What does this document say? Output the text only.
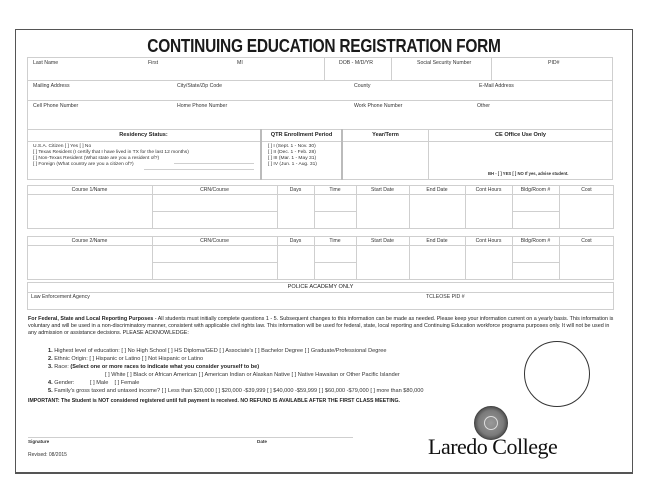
CONTINUING EDUCATION REGISTRATION FORM
Last Name	First	MI	DOB - M/D/YR	Social Security Number	PID#
Mailing Address	City/State/Zip Code	County	E-Mail Address
Cell Phone Number	Home Phone Number	Work Phone Number	Other
Residency Status:
U.S.A. Citizen [ ] Yes [ ] No
[ ] Texas Resident (I certify that I have lived in TX for the last 12 months)
[ ] Non-Texas Resident (What state are you a resident of?)
[ ] Foreign (What country are you a citizen of?)
QTR Enrollment Period
[ ] I (Sept. 1 - Nov. 30)
[ ] II (Dec. 1 - Feb. 28)
[ ] III (Mar. 1 - May 31)
[ ] IV (Jun. 1 - Aug. 31)
Year/Term	CE Office Use Only
BH - [ ] YES [ ] NO If yes, advise student.
Course 1/Name	CRN/Course	Days	Time	Start Date	End Date	Cont Hours	Bldg/Room #	Cost
Course 2/Name	CRN/Course	Days	Time	Start Date	End Date	Cont Hours	Bldg/Room #	Cost
POLICE ACADEMY ONLY
Law Enforcement Agency	TCLEOSE PID #
For Federal, State and Local Reporting Purposes - All students must initially complete questions 1 - 5. Subsequent changes to this information can be made as needed. Please keep your information current on a yearly basis. This information is voluntary and will be used in a non-discriminatory manner, consistent with applicable civil rights law. This information will be used for federal, state, local reporting and Continuing Education workforce programs purposes only. It will not be used in any admission or assistance decisions. PLEASE ACKNOWLEDGE:
1. Highest level of education: [ ] No High School [ ] HS Diploma/GED [ ] Associate's [ ] Bachelor Degree [ ] Graduate/Professional Degree
2. Ethnic Origin: [ ] Hispanic or Latino [ ] Not Hispanic or Latino
3. Race: (Select one or more races to indicate what you consider yourself to be)
[ ] White [ ] Black or African American [ ] American Indian or Alaskan Native [ ] Native Hawaiian or Other Pacific Islander
4. Gender:          [ ] Male    [ ] Female
5. Family's gross taxed and untaxed income? [ ] Less than $20,000 [ ] $20,000 -$39,999 [ ] $40,000 -$59,999 [ ] $60,000 -$79,000 [ ] more than $80,000
IMPORTANT: The Student is NOT considered registered until full payment is received. NO REFUND IS AVAILABLE AFTER THE FIRST CLASS MEETING.
Signature	Date
Revised: 08/2015	Laredo College
